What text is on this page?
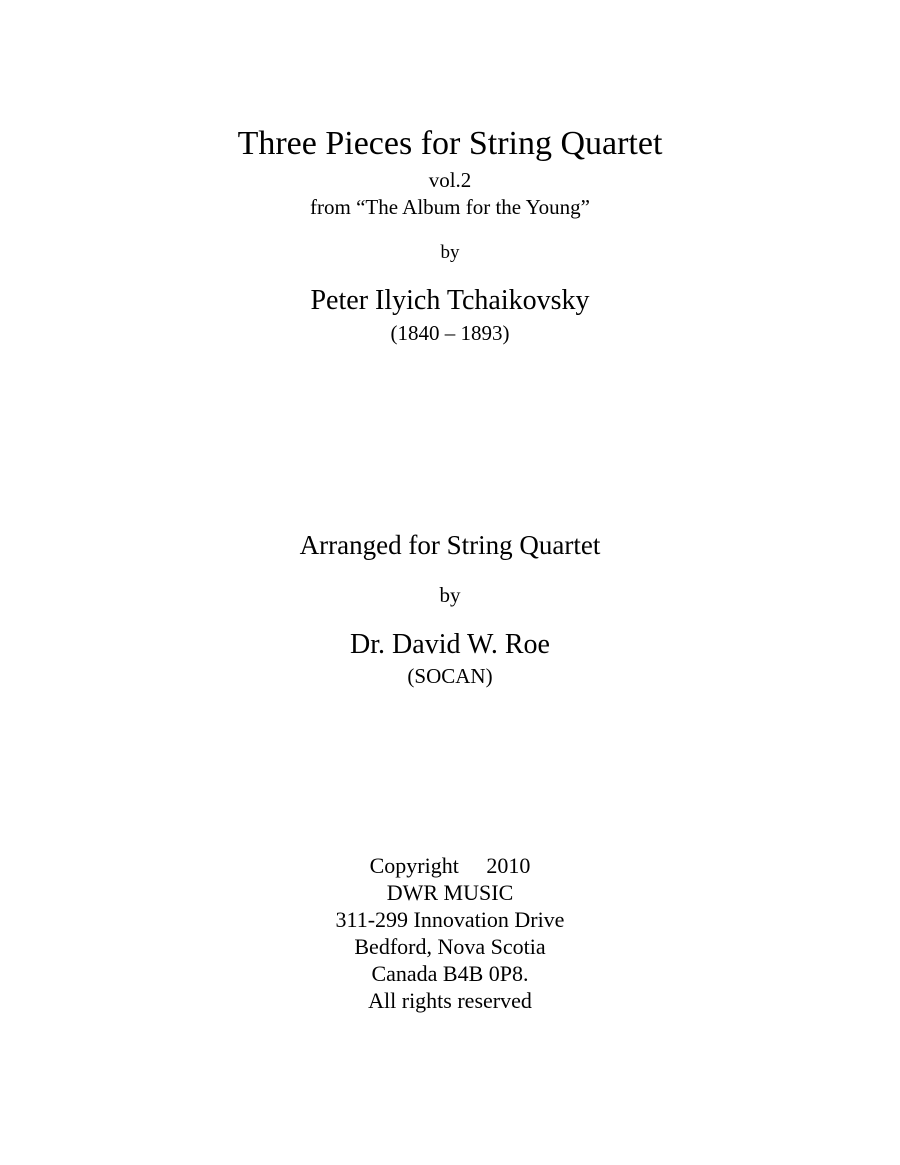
Three Pieces for String Quartet
vol.2
from “The Album for the Young”
by
Peter Ilyich Tchaikovsky
(1840 – 1893)
Arranged for String Quartet
by
Dr. David W. Roe
(SOCAN)
Copyright     2010
DWR MUSIC
311-299 Innovation Drive
Bedford, Nova Scotia
Canada B4B 0P8.
All rights reserved
